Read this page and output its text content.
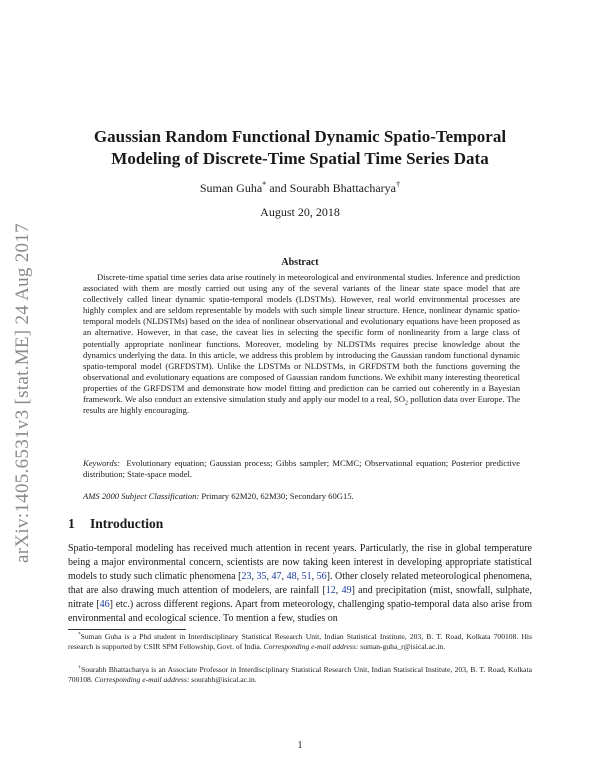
arXiv:1405.6531v3 [stat.ME] 24 Aug 2017
Gaussian Random Functional Dynamic Spatio-Temporal Modeling of Discrete-Time Spatial Time Series Data
Suman Guha* and Sourabh Bhattacharya†
August 20, 2018
Abstract

Discrete-time spatial time series data arise routinely in meteorological and environmental studies. Inference and prediction associated with them are mostly carried out using any of the several variants of the linear state space model that are collectively called linear dynamic spatio-temporal models (LDSTMs). However, real world environmental processes are highly complex and are seldom representable by models with such simple linear structure. Hence, nonlinear dynamic spatio-temporal models (NLDSTMs) based on the idea of nonlinear observational and evolutionary equations have been proposed as an alternative. However, in that case, the caveat lies in selecting the specific form of nonlinearity from a large class of potentially appropriate nonlinear functions. Moreover, modeling by NLDSTMs requires precise knowledge about the dynamics underlying the data. In this article, we address this problem by introducing the Gaussian random functional dynamic spatio-temporal model (GRFDSTM). Unlike the LDSTMs or NLDSTMs, in GRFDSTM both the functions governing the observational and evolutionary equations are composed of Gaussian random functions. We exhibit many interesting theoretical properties of the GRFDSTM and demonstrate how model fitting and prediction can be carried out coherently in a Bayesian framework. We also conduct an extensive simulation study and apply our model to a real, $SO_2$ pollution data over Europe. The results are highly encouraging.

Keywords: Evolutionary equation; Gaussian process; Gibbs sampler; MCMC; Observational equation; Posterior predictive distribution; State-space model.

AMS 2000 Subject Classification: Primary 62M20, 62M30; Secondary 60G15.

1 Introduction

Spatio-temporal modeling has received much attention in recent years. Particularly, the rise in global temperature being a major environmental concern, scientists are now taking keen interest in developing appropriate statistical models to study such climatic phenomena [23, 35, 47, 48, 51, 56]. Other closely related meteorological phenomena, that are also drawing much attention of modelers, are rainfall [12, 49] and precipitation (mist, snowfall, sulphate, nitrate [46] etc.) across different regions. Apart from meteorology, challenging spatio-temporal data also arise from environmental and ecological science. To mention a few, studies on

*Suman Guha is a Phd student in Interdisciplinary Statistical Research Unit, Indian Statistical Institute, 203, B. T. Road, Kolkata 700108. His research is supported by CSIR SPM Fellowship, Govt. of India. Corresponding e-mail address: suman-guha_r@isical.ac.in.

†Sourabh Bhattacharya is an Associate Professor in Interdisciplinary Statistical Research Unit, Indian Statistical Institute, 203, B. T. Road, Kolkata 700108. Corresponding e-mail address: sourabh@isical.ac.in.

1
